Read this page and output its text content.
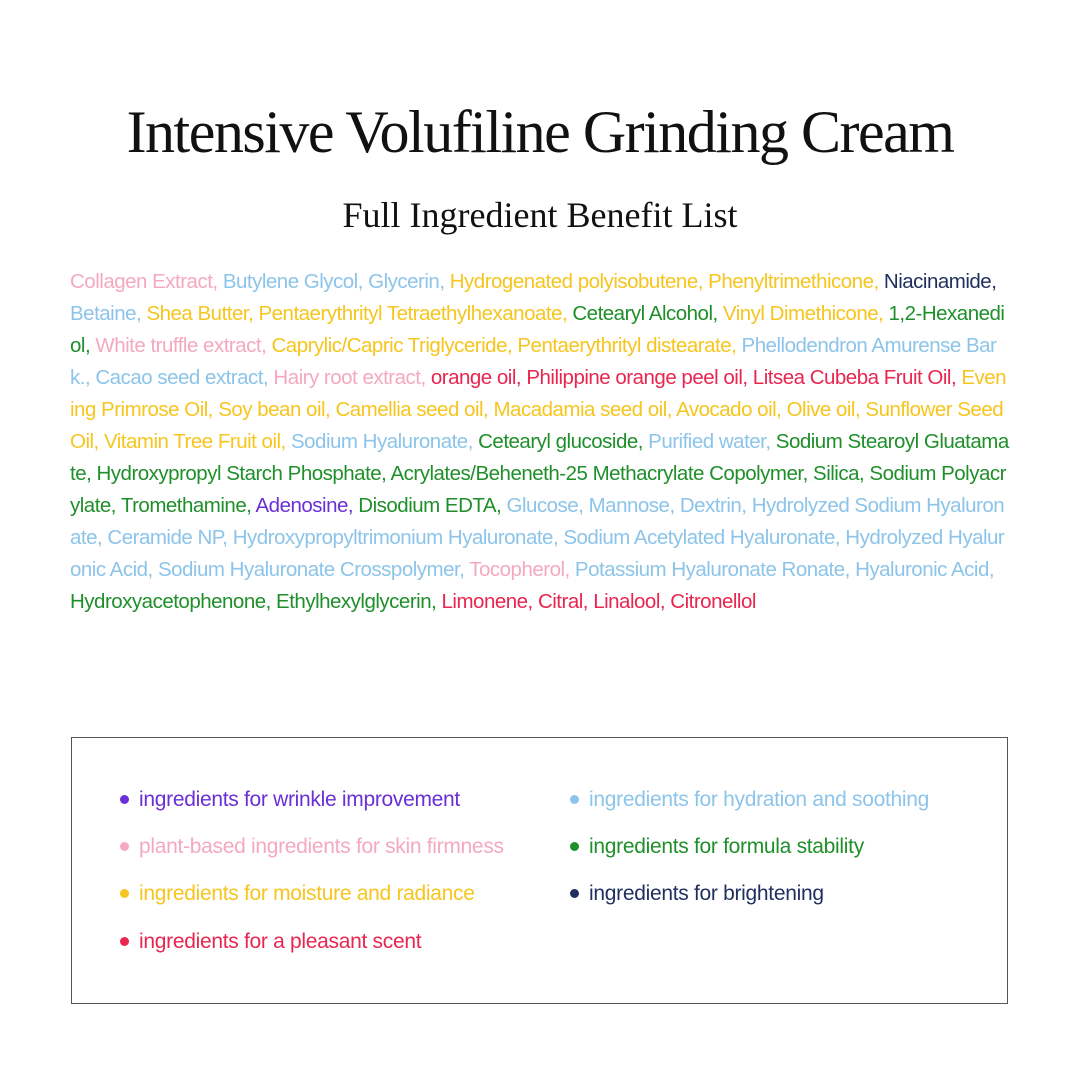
Intensive Volufiline Grinding Cream
Full Ingredient Benefit List

Collagen Extract, Butylene Glycol, Glycerin, Hydrogenated polyisobutene, Phenyltrimethicone, Niacinamide, Betaine, Shea Butter, Pentaerythrityl Tetraethylhexanoate, Cetearyl Alcohol, Vinyl Dimethicone, 1,2-Hexanediol, White truffle extract, Caprylic/Capric Triglyceride, Pentaerythrityl distearate, Phellodendron Amurense Bark., Cacao seed extract, Hairy root extract, orange oil, Philippine orange peel oil, Litsea Cubeba Fruit Oil, Evening Primrose Oil, Soy bean oil, Camellia seed oil, Macadamia seed oil, Avocado oil, Olive oil, Sunflower Seed Oil, Vitamin Tree Fruit oil, Sodium Hyaluronate, Cetearyl glucoside, Purified water, Sodium Stearoyl Gluatamate, Hydroxypropyl Starch Phosphate, Acrylates/Beheneth-25 Methacrylate Copolymer, Silica, Sodium Polyacrylate, Tromethamine, Adenosine, Disodium EDTA, Glucose, Mannose, Dextrin, Hydrolyzed Sodium Hyaluronate, Ceramide NP, Hydroxypropyltrimonium Hyaluronate, Sodium Acetylated Hyaluronate, Hydrolyzed Hyaluronic Acid, Sodium Hyaluronate Crosspolymer, Tocopherol, Potassium Hyaluronate Ronate, Hyaluronic Acid, Hydroxyacetophenone, Ethylhexylglycerin, Limonene, Citral, Linalool, Citronellol

ingredients for wrinkle improvement
plant-based ingredients for skin firmness
ingredients for moisture and radiance
ingredients for a pleasant scent
ingredients for hydration and soothing
ingredients for formula stability
ingredients for brightening
